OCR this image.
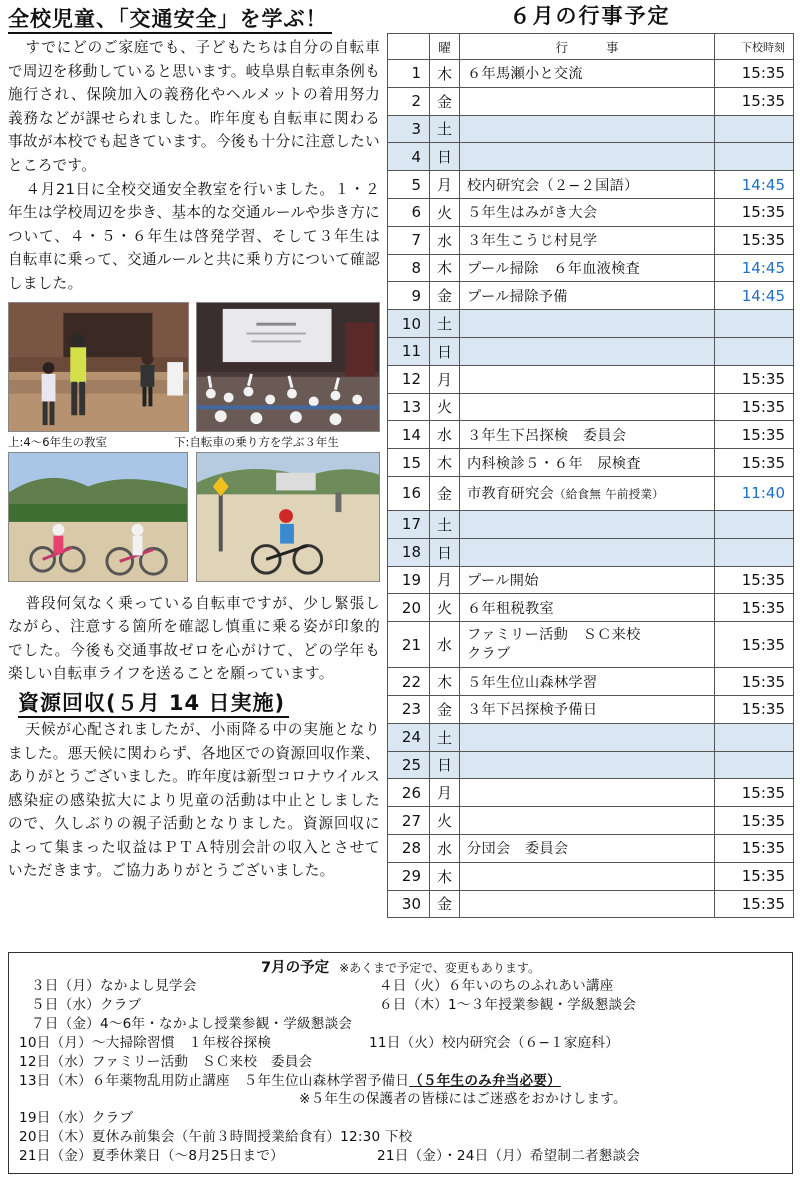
全校児童、「交通安全」を学ぶ！

すでにどのご家庭でも、子どもたちは自分の自転車で周辺を移動していると思います。岐阜県自転車条例も施行され、保険加入の義務化やヘルメットの着用努力義務などが課せられました。昨年度も自転車に関わる事故が本校でも起きています。今後も十分に注意したいところです。

４月21日に全校交通安全教室を行いました。１・２年生は学校周辺を歩き、基本的な交通ルールや歩き方について、４・５・６年生は啓発学習、そして３年生は自転車に乗って、交通ルールと共に乗り方について確認しました。

上:4〜6年生の教室	下:自転車の乗り方を学ぶ３年生

普段何気なく乗っている自転車ですが、少し緊張しながら、注意する箇所を確認し慎重に乗る姿が印象的でした。今後も交通事故ゼロを心がけて、どの学年も楽しい自転車ライフを送ることを願っています。

資源回収(５月 14 日実施)

天候が心配されましたが、小雨降る中の実施となりました。悪天候に関わらず、各地区での資源回収作業、ありがとうございました。昨年度は新型コロナウイルス感染症の感染拡大により児童の活動は中止としましたので、久しぶりの親子活動となりました。資源回収によって集まった収益はＰＴＡ特別会計の収入とさせていただきます。ご協力ありがとうございました。

６月の行事予定
	曜	行事	下校時刻
1	木	６年馬瀬小と交流	15:35
2	金		15:35
3	土		
4	日		
5	月	校内研究会（２−２国語）	14:45
6	火	５年生はみがき大会	15:35
7	水	３年生こうじ村見学	15:35
8	木	プール掃除　６年血液検査	14:45
9	金	プール掃除予備	14:45
10	土		
11	日		
12	月		15:35
13	火		15:35
14	水	３年生下呂探検　委員会	15:35
15	木	内科検診５・６年　尿検査	15:35
16	金	市教育研究会（給食無 午前授業）	11:40
17	土		
18	日		
19	月	プール開始	15:35
20	火	６年租税教室	15:35
21	水	ファミリー活動　ＳＣ来校
クラブ	15:35
22	木	５年生位山森林学習	15:35
23	金	３年下呂探検予備日	15:35
24	土		
25	日		
26	月		15:35
27	火		15:35
28	水	分団会　委員会	15:35
29	木		15:35
30	金		15:35
7月の予定 ※あくまで予定で、変更もあります。
３日（月）なかよし見学会	４日（火）６年いのちのふれあい講座
５日（水）クラブ	６日（木）1〜３年授業参観・学級懇談会
７日（金）4〜6年・なかよし授業参観・学級懇談会
10日（月）〜大掃除習慣　１年桜谷探検	11日（火）校内研究会（６−１家庭科）
12日（水）ファミリー活動　ＳＣ来校　委員会
13日（木）６年薬物乱用防止講座　５年生位山森林学習予備日（５年生のみ弁当必要）
※５年生の保護者の皆様にはご迷惑をおかけします。
19日（水）クラブ
20日（木）夏休み前集会（午前３時間授業給食有）12:30 下校
21日（金）夏季休業日（〜8月25日まで）	21日（金）・24日（月）希望制二者懇談会
